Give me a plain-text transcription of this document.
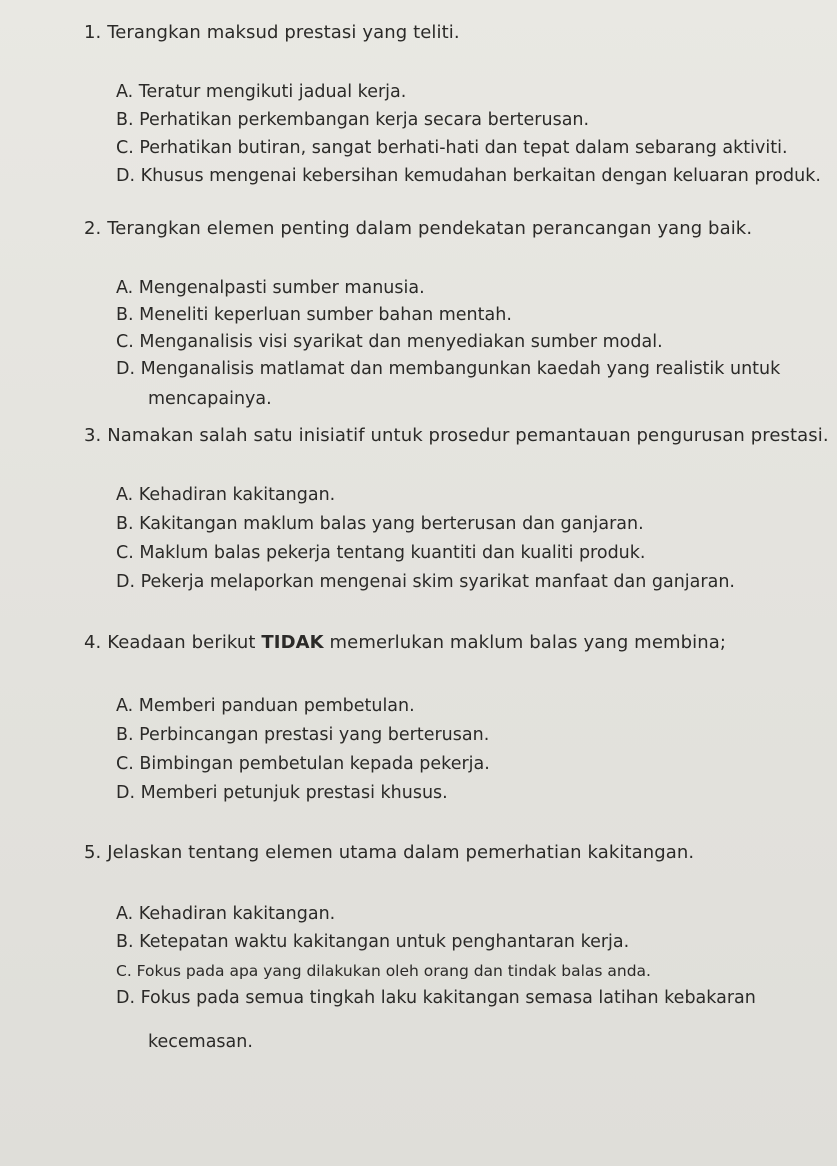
1. Terangkan maksud prestasi yang teliti.
A. Teratur mengikuti jadual kerja.
B. Perhatikan perkembangan kerja secara berterusan.
C. Perhatikan butiran, sangat berhati-hati dan tepat dalam sebarang aktiviti.
D. Khusus mengenai kebersihan kemudahan berkaitan dengan keluaran produk.
2. Terangkan elemen penting dalam pendekatan perancangan yang baik.
A. Mengenalpasti sumber manusia.
B. Meneliti keperluan sumber bahan mentah.
C. Menganalisis visi syarikat dan menyediakan sumber modal.
D. Menganalisis matlamat dan membangunkan kaedah yang realistik untuk
mencapainya.
3. Namakan salah satu inisiatif untuk prosedur pemantauan pengurusan prestasi.
A. Kehadiran kakitangan.
B. Kakitangan maklum balas yang berterusan dan ganjaran.
C. Maklum balas pekerja tentang kuantiti dan kualiti produk.
D. Pekerja melaporkan mengenai skim syarikat manfaat dan ganjaran.
4. Keadaan berikut TIDAK memerlukan maklum balas yang membina;
A. Memberi panduan pembetulan.
B. Perbincangan prestasi yang berterusan.
C. Bimbingan pembetulan kepada pekerja.
D. Memberi petunjuk prestasi khusus.
5. Jelaskan tentang elemen utama dalam pemerhatian kakitangan.
A. Kehadiran kakitangan.
B. Ketepatan waktu kakitangan untuk penghantaran kerja.
C. Fokus pada apa yang dilakukan oleh orang dan tindak balas anda.
D. Fokus pada semua tingkah laku kakitangan semasa latihan kebakaran
kecemasan.
